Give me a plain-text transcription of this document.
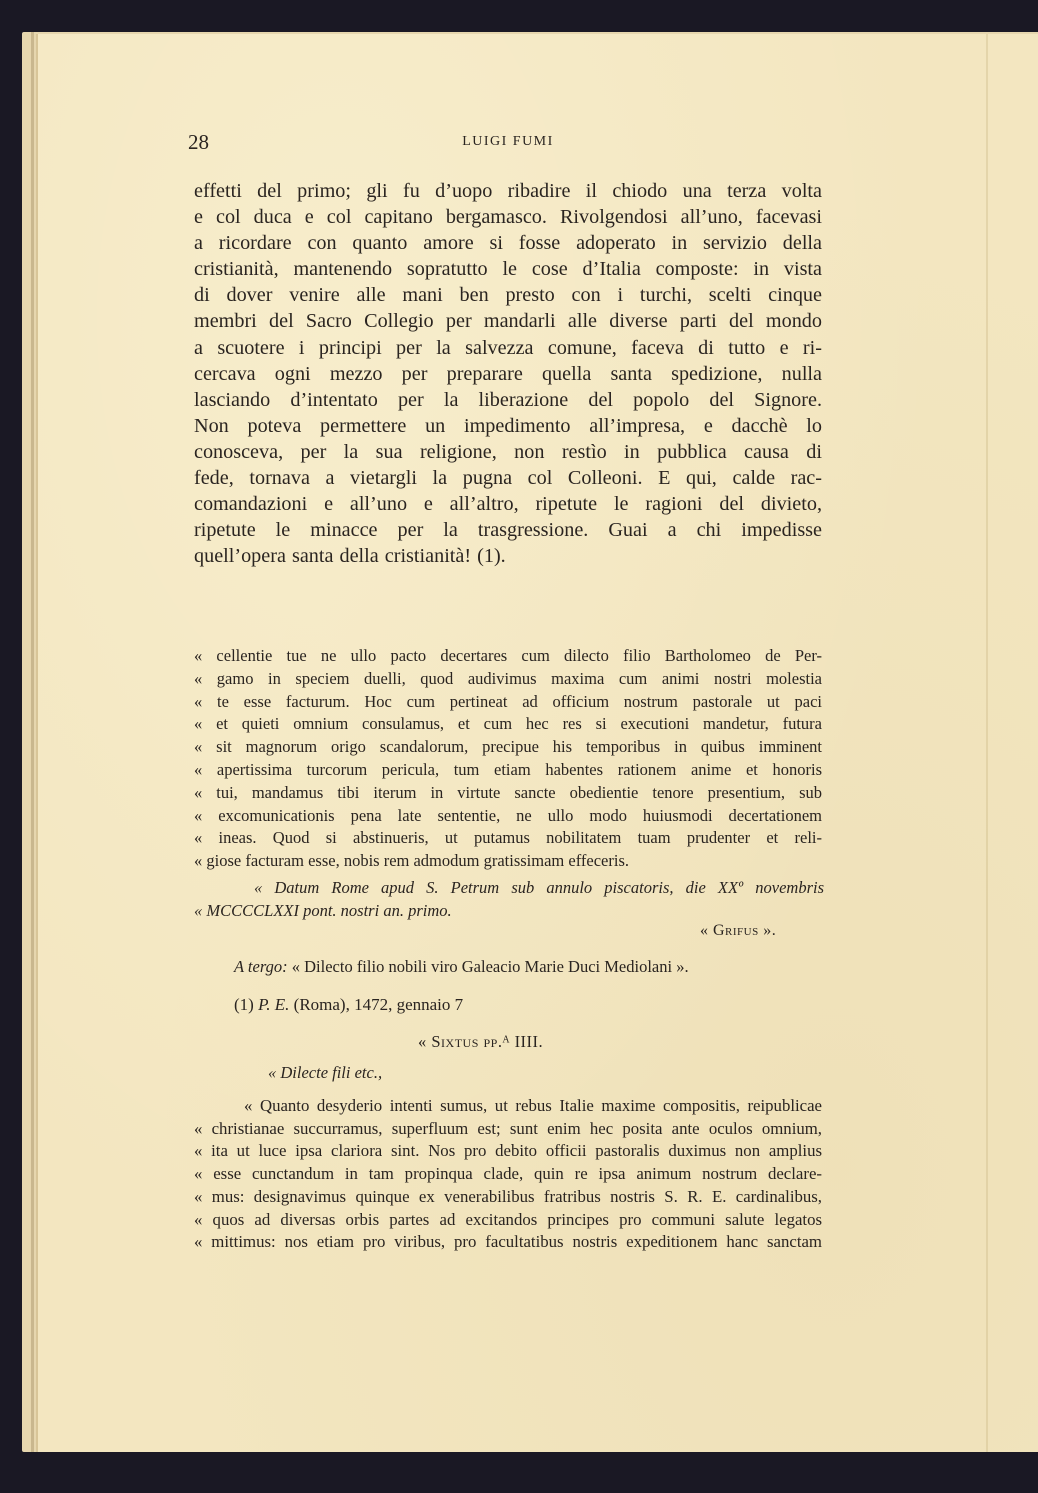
28	LUIGI FUMI
effetti del primo; gli fu d’uopo ribadire il chiodo una terza volta
e col duca e col capitano bergamasco. Rivolgendosi all’uno, facevasi
a ricordare con quanto amore si fosse adoperato in servizio della
cristianità, mantenendo sopratutto le cose d’Italia composte: in vista
di dover venire alle mani ben presto con i turchi, scelti cinque
membri del Sacro Collegio per mandarli alle diverse parti del mondo
a scuotere i principi per la salvezza comune, faceva di tutto e ri-
cercava ogni mezzo per preparare quella santa spedizione, nulla
lasciando d’intentato per la liberazione del popolo del Signore.
Non poteva permettere un impedimento all’impresa, e dacchè lo
conosceva, per la sua religione, non restìo in pubblica causa di
fede, tornava a vietargli la pugna col Colleoni. E qui, calde rac-
comandazioni e all’uno e all’altro, ripetute le ragioni del divieto,
ripetute le minacce per la trasgressione. Guai a chi impedisse
quell’opera santa della cristianità! (1).
« cellentie tue ne ullo pacto decertares cum dilecto filio Bartholomeo de Per-
« gamo in speciem duelli, quod audivimus maxima cum animi nostri molestia
« te esse facturum. Hoc cum pertineat ad officium nostrum pastorale ut paci
« et quieti omnium consulamus, et cum hec res si executioni mandetur, futura
« sit magnorum origo scandalorum, precipue his temporibus in quibus imminent
« apertissima turcorum pericula, tum etiam habentes rationem anime et honoris
« tui, mandamus tibi iterum in virtute sancte obedientie tenore presentium, sub
« excomunicationis pena late sententie, ne ullo modo huiusmodi decertationem
« ineas. Quod si abstinueris, ut putamus nobilitatem tuam prudenter et reli-
« giose facturam esse, nobis rem admodum gratissimam effeceris.
« Datum Rome apud S. Petrum sub annulo piscatoris, die XXº novembris
« MCCCCLXXI pont. nostri an. primo.
« Grifus ».
A tergo: « Dilecto filio nobili viro Galeacio Marie Duci Mediolani ».
(1) P. E. (Roma), 1472, gennaio 7
« Sixtus pp.ᴬ IIII.
« Dilecte fili etc.,
« Quanto desyderio intenti sumus, ut rebus Italie maxime compositis, reipublicae
« christianae succurramus, superfluum est; sunt enim hec posita ante oculos omnium,
« ita ut luce ipsa clariora sint. Nos pro debito officii pastoralis duximus non amplius
« esse cunctandum in tam propinqua clade, quin re ipsa animum nostrum declare-
« mus: designavimus quinque ex venerabilibus fratribus nostris S. R. E. cardinalibus,
« quos ad diversas orbis partes ad excitandos principes pro communi salute legatos
« mittimus: nos etiam pro viribus, pro facultatibus nostris expeditionem hanc sanctam
